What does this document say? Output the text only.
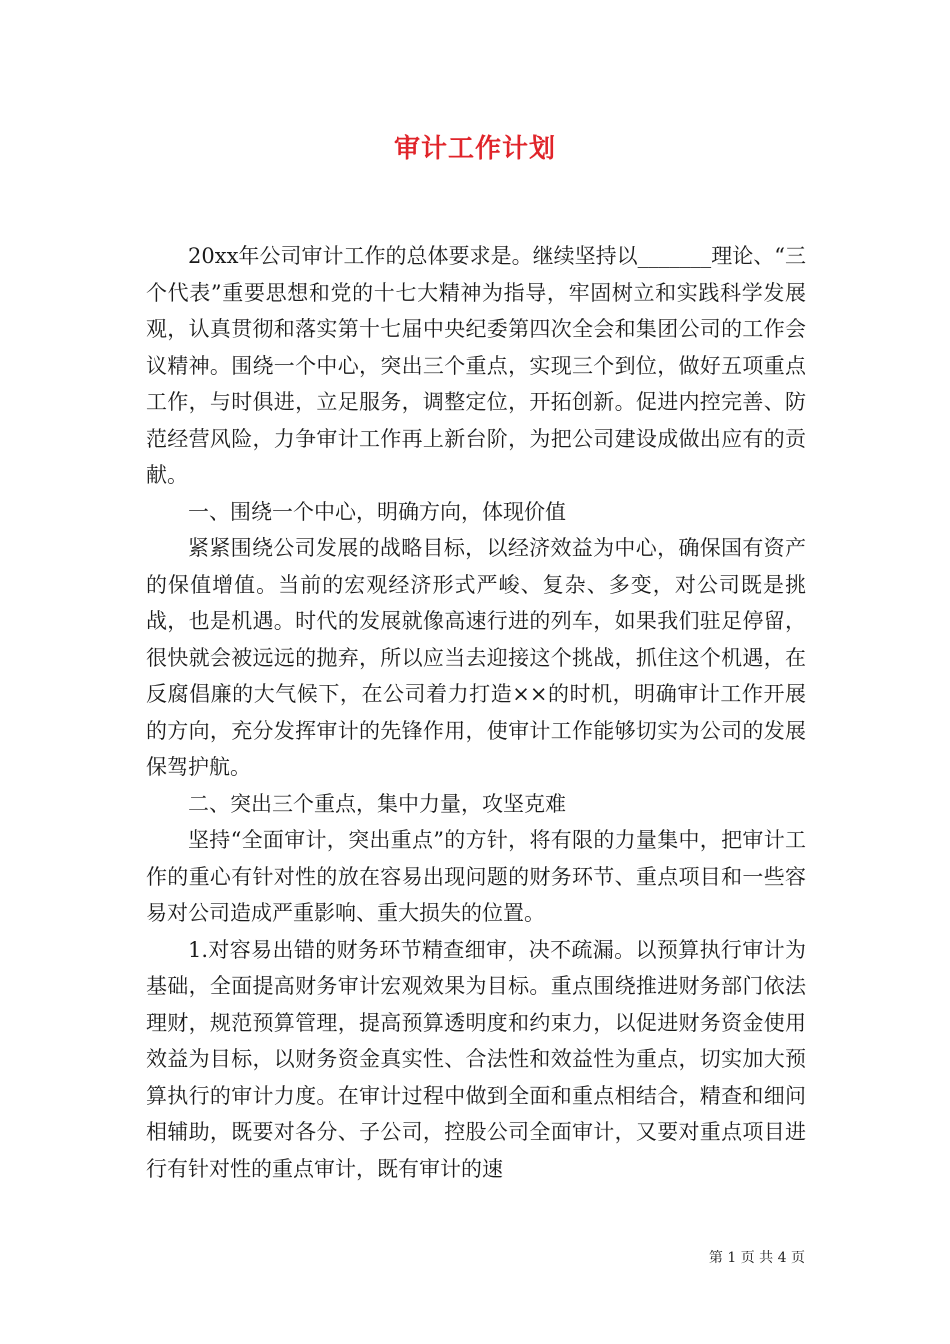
审计工作计划

20xx年公司审计工作的总体要求是。继续坚持以_______理论、“三个代表”重要思想和党的十七大精神为指导，牢固树立和实践科学发展观，认真贯彻和落实第十七届中央纪委第四次全会和集团公司的工作会议精神。围绕一个中心，突出三个重点，实现三个到位，做好五项重点工作，与时俱进，立足服务，调整定位，开拓创新。促进内控完善、防范经营风险，力争审计工作再上新台阶，为把公司建设成做出应有的贡献。

一、围绕一个中心，明确方向，体现价值

紧紧围绕公司发展的战略目标，以经济效益为中心，确保国有资产的保值增值。当前的宏观经济形式严峻、复杂、多变，对公司既是挑战，也是机遇。时代的发展就像高速行进的列车，如果我们驻足停留，很快就会被远远的抛弃，所以应当去迎接这个挑战，抓住这个机遇，在反腐倡廉的大气候下，在公司着力打造××的时机，明确审计工作开展的方向，充分发挥审计的先锋作用，使审计工作能够切实为公司的发展保驾护航。

二、突出三个重点，集中力量，攻坚克难

坚持“全面审计，突出重点”的方针，将有限的力量集中，把审计工作的重心有针对性的放在容易出现问题的财务环节、重点项目和一些容易对公司造成严重影响、重大损失的位置。

1.对容易出错的财务环节精查细审，决不疏漏。以预算执行审计为基础，全面提高财务审计宏观效果为目标。重点围绕推进财务部门依法理财，规范预算管理，提高预算透明度和约束力，以促进财务资金使用效益为目标，以财务资金真实性、合法性和效益性为重点，切实加大预算执行的审计力度。在审计过程中做到全面和重点相结合，精查和细问相辅助，既要对各分、子公司，控股公司全面审计，又要对重点项目进行有针对性的重点审计，既有审计的速

第 1 页 共 4 页
